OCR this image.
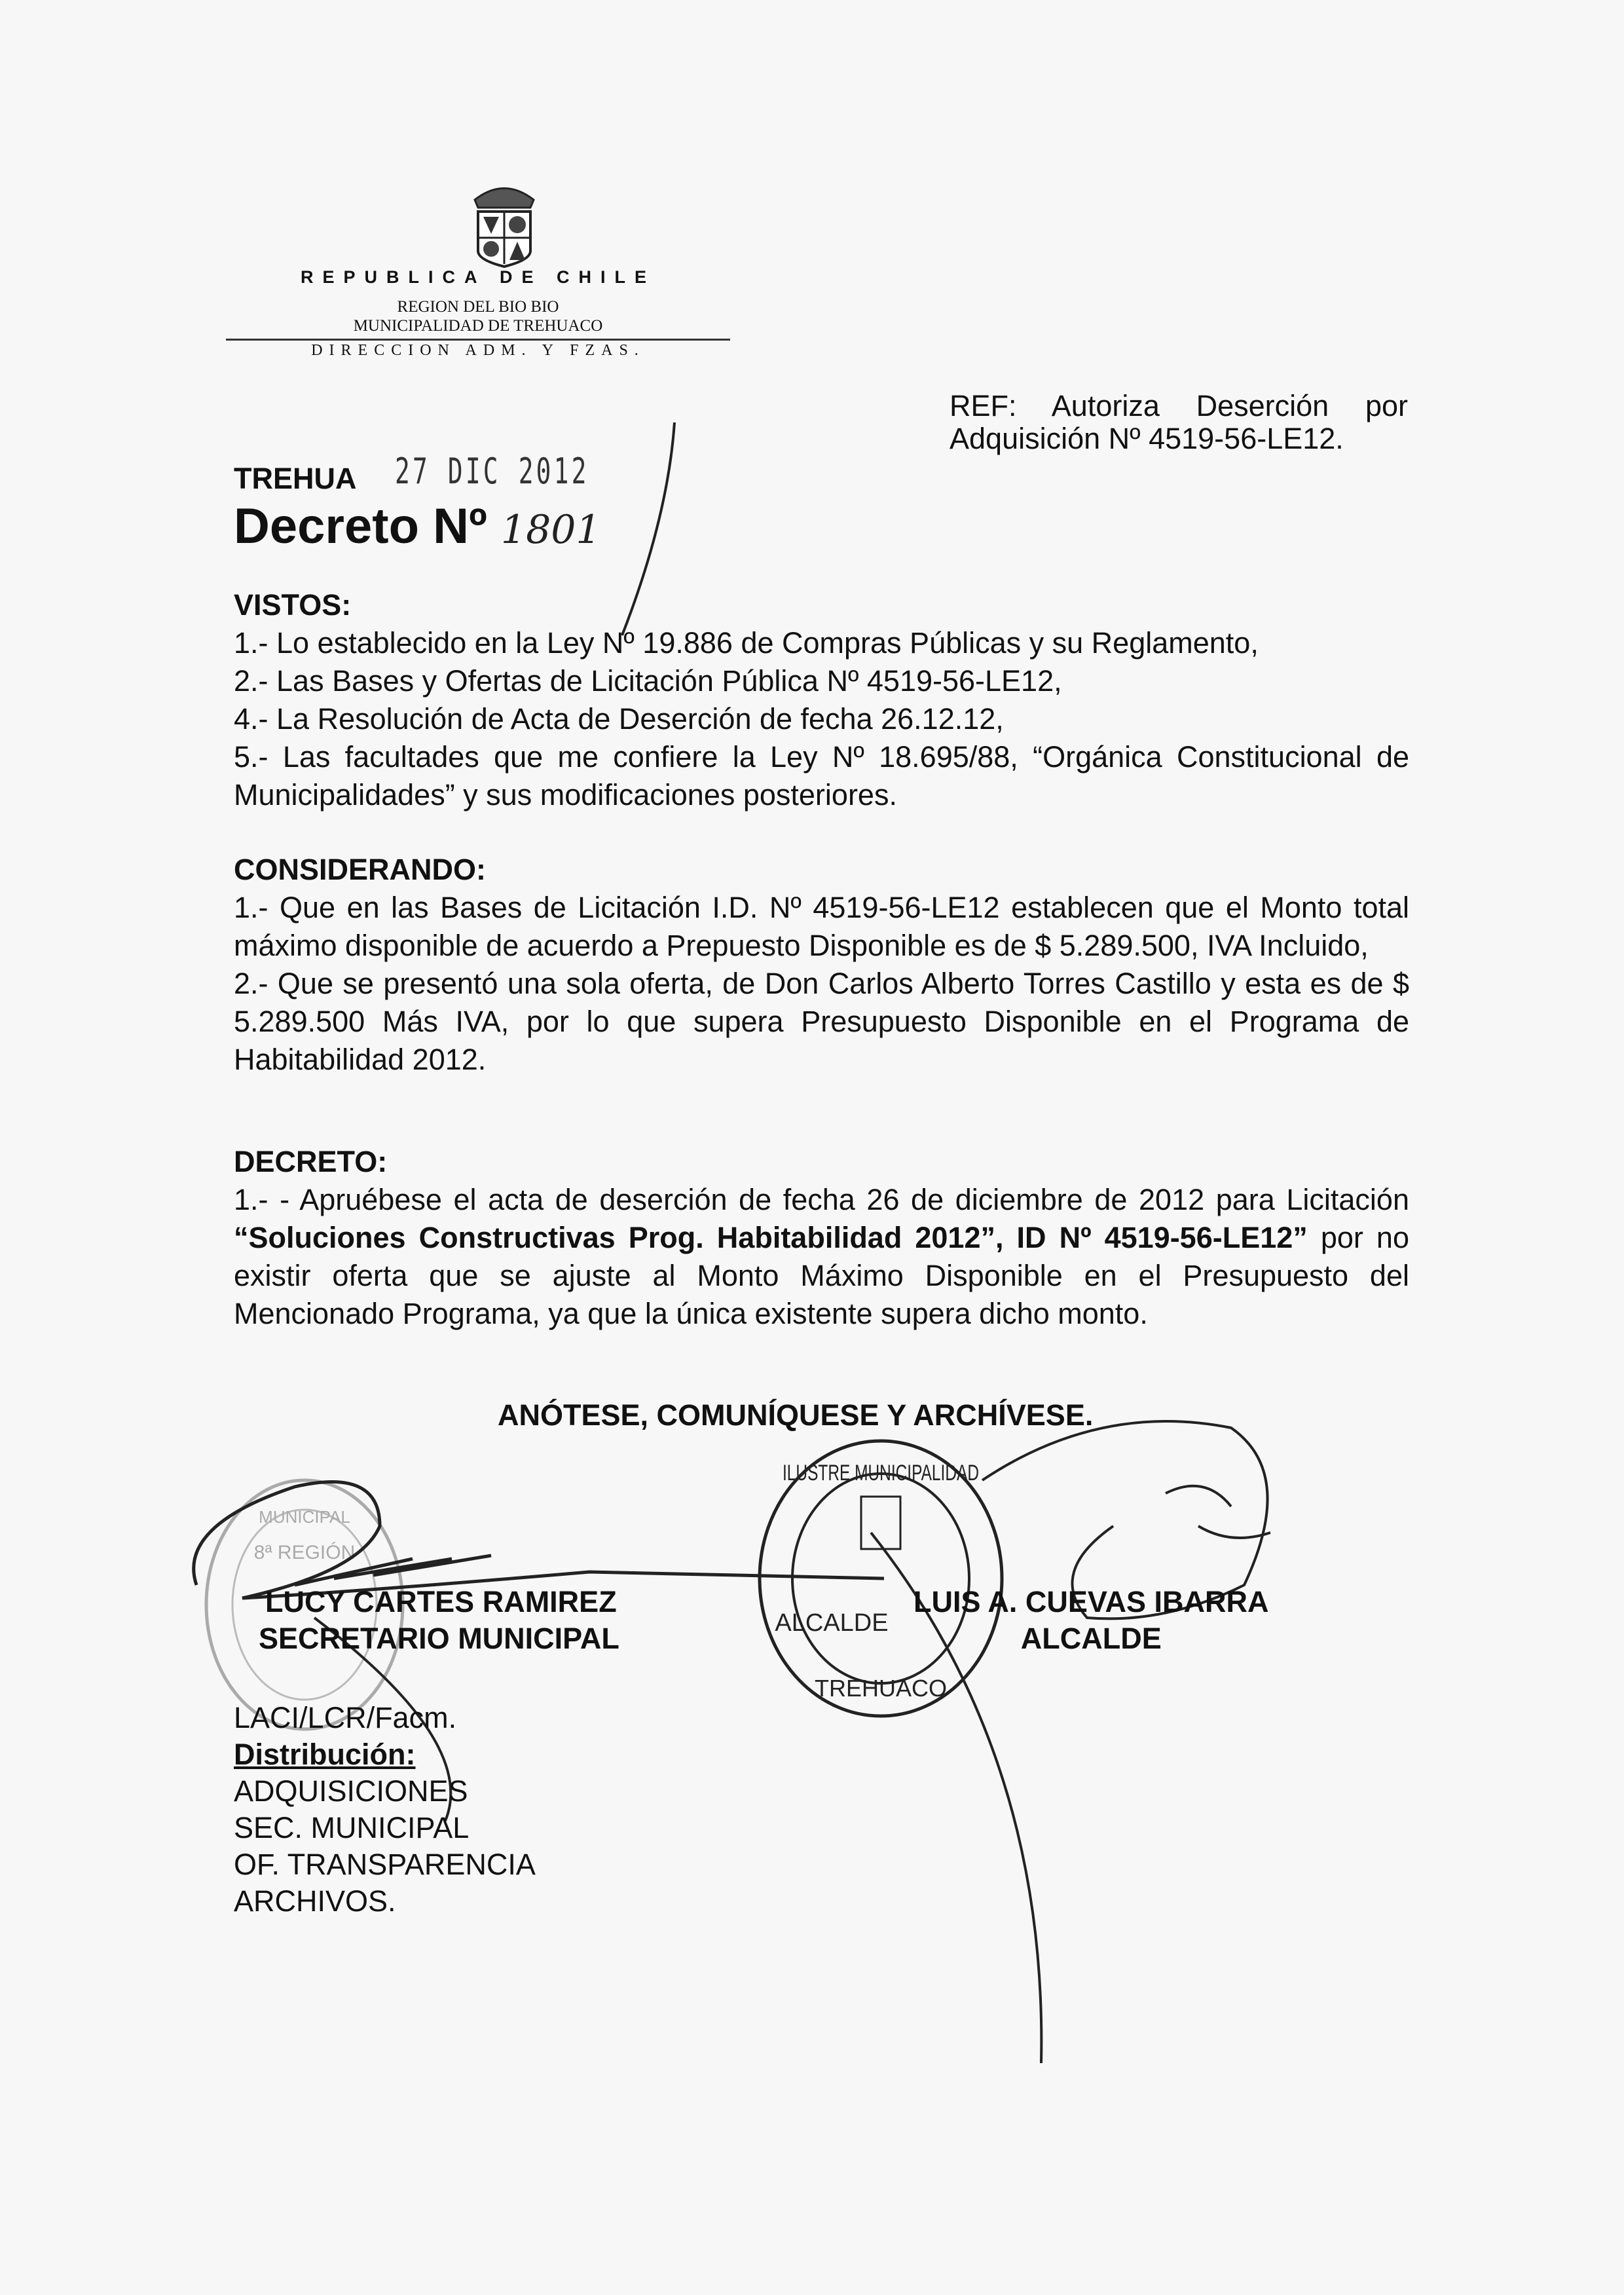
REPUBLICA DE CHILE
REGION DEL BIO BIO
MUNICIPALIDAD DE TREHUACO
DIRECCION ADM. Y FZAS.
REF: Autoriza Deserción por
Adquisición Nº 4519-56-LE12.
TREHUA 27 DIC 2012
Decreto Nº 1801

VISTOS:

1.- Lo establecido en la Ley Nº 19.886 de Compras Públicas y su Reglamento,

2.- Las Bases y Ofertas de Licitación Pública Nº 4519-56-LE12,

4.- La Resolución de Acta de Deserción de fecha 26.12.12,

5.- Las facultades que me confiere la Ley Nº 18.695/88, “Orgánica Constitucional de Municipalidades” y sus modificaciones posteriores.

CONSIDERANDO:

1.- Que en las Bases de Licitación I.D. Nº 4519-56-LE12 establecen que el Monto total máximo disponible de acuerdo a Prepuesto Disponible es de $ 5.289.500, IVA Incluido,

2.- Que se presentó una sola oferta, de Don Carlos Alberto Torres Castillo y esta es de $ 5.289.500 Más IVA, por lo que supera Presupuesto Disponible en el Programa de Habitabilidad 2012.

DECRETO:

1.- - Apruébese el acta de deserción de fecha 26 de diciembre de 2012 para Licitación “Soluciones Constructivas Prog. Habitabilidad 2012”, ID Nº 4519-56-LE12” por no existir oferta que se ajuste al Monto Máximo Disponible en el Presupuesto del Mencionado Programa, ya que la única existente supera dicho monto.

ANÓTESE, COMUNÍQUESE Y ARCHÍVESE.
MUNICIPAL
8ª REGIÓN
ILUSTRE MUNICIPALIDAD
ALCALDE
TREHUACO
LUCY CARTES RAMIREZ
SECRETARIO MUNICIPAL
LUIS A. CUEVAS IBARRA
ALCALDE
LACI/LCR/Facm.
Distribución:
ADQUISICIONES
SEC. MUNICIPAL
OF. TRANSPARENCIA
ARCHIVOS.
